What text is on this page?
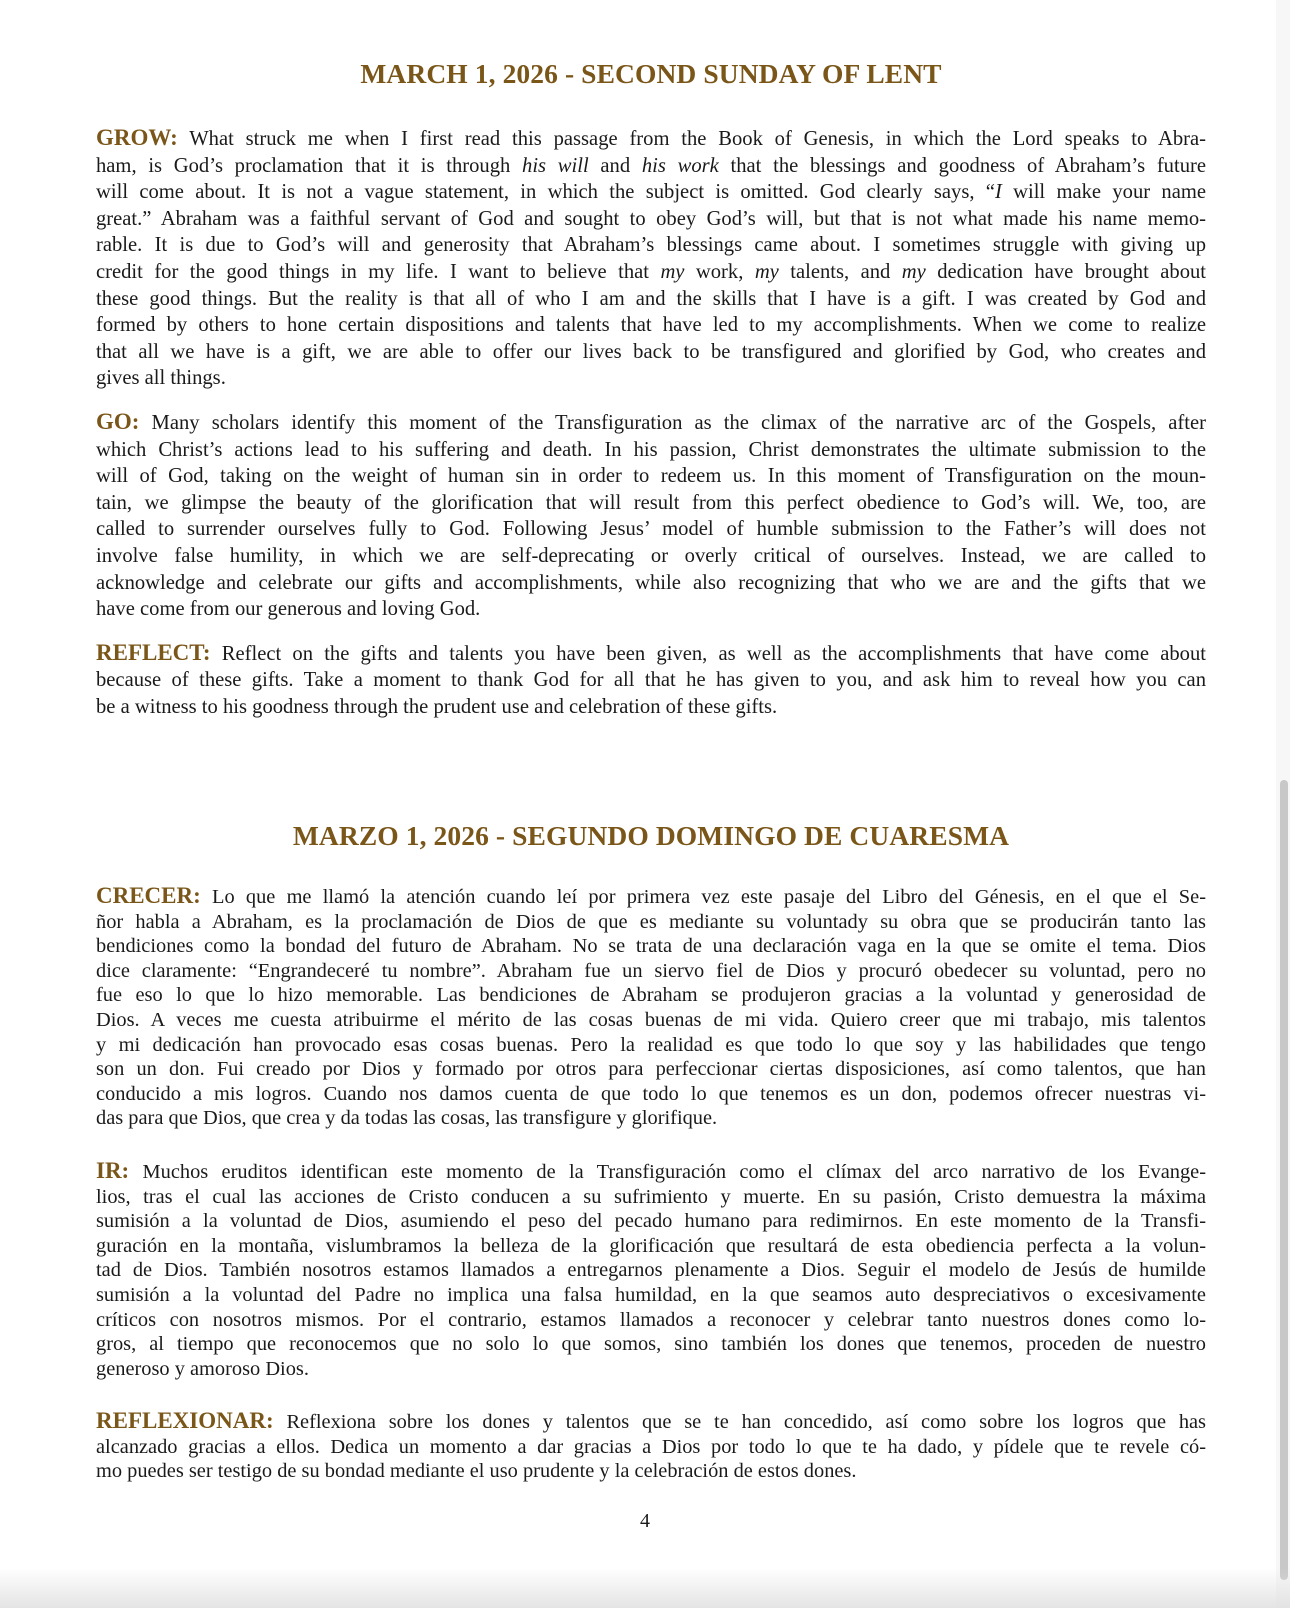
MARCH 1, 2026 - SECOND SUNDAY OF LENT

GROW: What struck me when I first read this passage from the Book of Genesis, in which the Lord speaks to Abra-
ham, is God’s proclamation that it is through his will and his work that the blessings and goodness of Abraham’s future
will come about. It is not a vague statement, in which the subject is omitted. God clearly says, “I will make your name
great.” Abraham was a faithful servant of God and sought to obey God’s will, but that is not what made his name memo-
rable. It is due to God’s will and generosity that Abraham’s blessings came about. I sometimes struggle with giving up
credit for the good things in my life. I want to believe that my work, my talents, and my dedication have brought about
these good things. But the reality is that all of who I am and the skills that I have is a gift. I was created by God and
formed by others to hone certain dispositions and talents that have led to my accomplishments. When we come to realize
that all we have is a gift, we are able to offer our lives back to be transfigured and glorified by God, who creates and
gives all things.

GO: Many scholars identify this moment of the Transfiguration as the climax of the narrative arc of the Gospels, after
which Christ’s actions lead to his suffering and death. In his passion, Christ demonstrates the ultimate submission to the
will of God, taking on the weight of human sin in order to redeem us. In this moment of Transfiguration on the moun-
tain, we glimpse the beauty of the glorification that will result from this perfect obedience to God’s will. We, too, are
called to surrender ourselves fully to God. Following Jesus’ model of humble submission to the Father’s will does not
involve false humility, in which we are self-deprecating or overly critical of ourselves. Instead, we are called to
acknowledge and celebrate our gifts and accomplishments, while also recognizing that who we are and the gifts that we
have come from our generous and loving God.

REFLECT: Reflect on the gifts and talents you have been given, as well as the accomplishments that have come about
because of these gifts. Take a moment to thank God for all that he has given to you, and ask him to reveal how you can
be a witness to his goodness through the prudent use and celebration of these gifts.

MARZO 1, 2026 - SEGUNDO DOMINGO DE CUARESMA

CRECER: Lo que me llamó la atención cuando leí por primera vez este pasaje del Libro del Génesis, en el que el Se-
ñor habla a Abraham, es la proclamación de Dios de que es mediante su voluntady su obra que se producirán tanto las
bendiciones como la bondad del futuro de Abraham. No se trata de una declaración vaga en la que se omite el tema. Dios
dice claramente: “Engrandeceré tu nombre”. Abraham fue un siervo fiel de Dios y procuró obedecer su voluntad, pero no
fue eso lo que lo hizo memorable. Las bendiciones de Abraham se produjeron gracias a la voluntad y generosidad de
Dios. A veces me cuesta atribuirme el mérito de las cosas buenas de mi vida. Quiero creer que mi trabajo, mis talentos
y mi dedicación han provocado esas cosas buenas. Pero la realidad es que todo lo que soy y las habilidades que tengo
son un don. Fui creado por Dios y formado por otros para perfeccionar ciertas disposiciones, así como talentos, que han
conducido a mis logros. Cuando nos damos cuenta de que todo lo que tenemos es un don, podemos ofrecer nuestras vi-
das para que Dios, que crea y da todas las cosas, las transfigure y glorifique.

IR: Muchos eruditos identifican este momento de la Transfiguración como el clímax del arco narrativo de los Evange-
lios, tras el cual las acciones de Cristo conducen a su sufrimiento y muerte. En su pasión, Cristo demuestra la máxima
sumisión a la voluntad de Dios, asumiendo el peso del pecado humano para redimirnos. En este momento de la Transfi-
guración en la montaña, vislumbramos la belleza de la glorificación que resultará de esta obediencia perfecta a la volun-
tad de Dios. También nosotros estamos llamados a entregarnos plenamente a Dios. Seguir el modelo de Jesús de humilde
sumisión a la voluntad del Padre no implica una falsa humildad, en la que seamos auto despreciativos o excesivamente
críticos con nosotros mismos. Por el contrario, estamos llamados a reconocer y celebrar tanto nuestros dones como lo-
gros, al tiempo que reconocemos que no solo lo que somos, sino también los dones que tenemos, proceden de nuestro
generoso y amoroso Dios.

REFLEXIONAR: Reflexiona sobre los dones y talentos que se te han concedido, así como sobre los logros que has
alcanzado gracias a ellos. Dedica un momento a dar gracias a Dios por todo lo que te ha dado, y pídele que te revele có-
mo puedes ser testigo de su bondad mediante el uso prudente y la celebración de estos dones.

4
